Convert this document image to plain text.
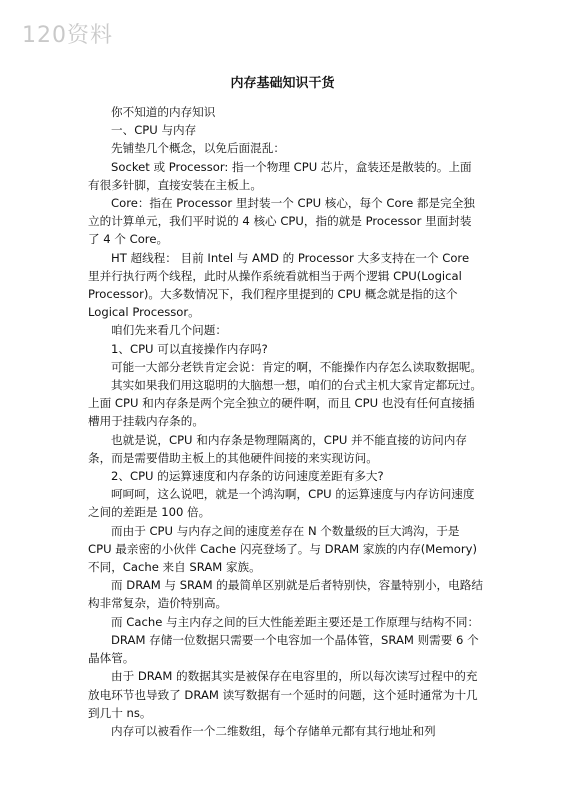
120资料
内存基础知识干货

你不知道的内存知识

一、CPU 与内存

先铺垫几个概念，以免后面混乱：

Socket 或 Processor: 指一个物理 CPU 芯片，盒装还是散装的。上面有很多针脚，直接安装在主板上。

Core：指在 Processor 里封装一个 CPU 核心，每个 Core 都是完全独立的计算单元，我们平时说的 4 核心 CPU，指的就是 Processor 里面封装了 4 个 Core。

HT 超线程： 目前 Intel 与 AMD 的 Processor 大多支持在一个 Core 里并行执行两个线程，此时从操作系统看就相当于两个逻辑 CPU(Logical Processor)。大多数情况下，我们程序里提到的 CPU 概念就是指的这个 Logical Processor。

咱们先来看几个问题：

1、CPU 可以直接操作内存吗?

可能一大部分老铁肯定会说：肯定的啊，不能操作内存怎么读取数据呢。

其实如果我们用这聪明的大脑想一想，咱们的台式主机大家肯定都玩过。上面 CPU 和内存条是两个完全独立的硬件啊，而且 CPU 也没有任何直接插槽用于挂载内存条的。

也就是说，CPU 和内存条是物理隔离的，CPU 并不能直接的访问内存条，而是需要借助主板上的其他硬件间接的来实现访问。

2、CPU 的运算速度和内存条的访问速度差距有多大?

呵呵呵，这么说吧，就是一个鸿沟啊，CPU 的运算速度与内存访问速度之间的差距是 100 倍。

而由于 CPU 与内存之间的速度差存在 N 个数量级的巨大鸿沟，于是 CPU 最亲密的小伙伴 Cache 闪亮登场了。与 DRAM 家族的内存(Memory)不同，Cache 来自 SRAM 家族。

而 DRAM 与 SRAM 的最简单区别就是后者特别快，容量特别小，电路结构非常复杂，造价特别高。

而 Cache 与主内存之间的巨大性能差距主要还是工作原理与结构不同：

DRAM 存储一位数据只需要一个电容加一个晶体管，SRAM 则需要 6 个晶体管。

由于 DRAM 的数据其实是被保存在电容里的，所以每次读写过程中的充放电环节也导致了 DRAM 读写数据有一个延时的问题，这个延时通常为十几到几十 ns。

内存可以被看作一个二维数组，每个存储单元都有其行地址和列
